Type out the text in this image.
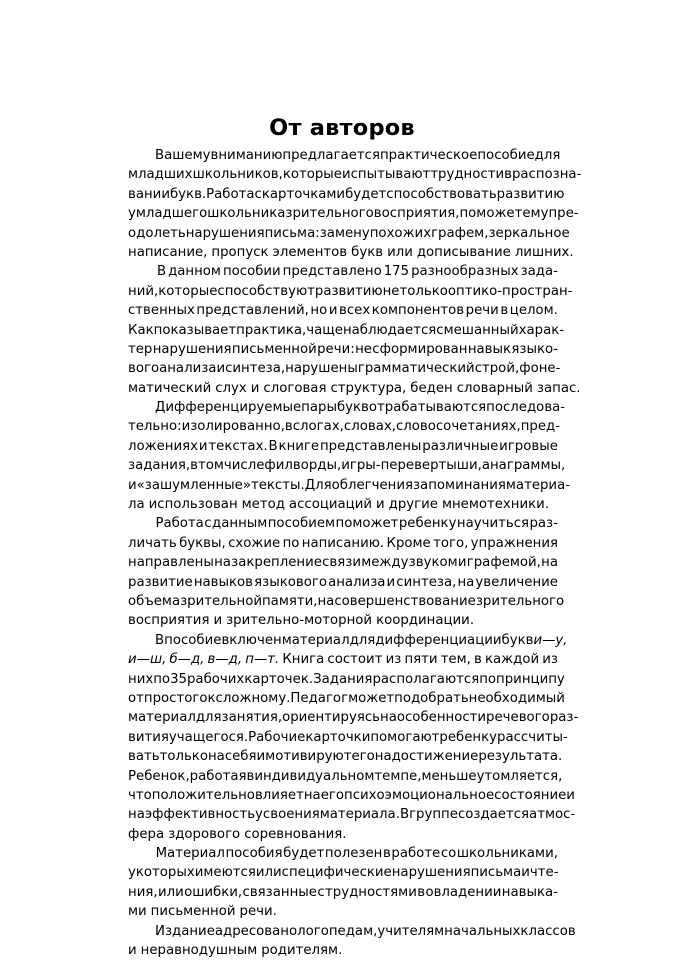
От авторов

Вашему вниманию предлагается практическое пособие для
младших школьников, которые испытывают трудности в распозна-
вании букв. Работа с карточками будет способствовать развитию
у младшего школьника зрительного восприятия, поможет ему пре-
одолеть нарушения письма: замену похожих графем, зеркальное
написание, пропуск элементов букв или дописывание лишних.

В данном пособии представлено 175 разнообразных зада-
ний, которые способствуют развитию не только оптико-простран-
ственных представлений, но и всех компонентов речи в целом.
Как показывает практика, чаще наблюдается смешанный харак-
тер нарушения письменной речи: не сформирован навык языко-
вого анализа и синтеза, нарушены грамматический строй, фоне-
матический слух и слоговая структура, беден словарный запас.

Дифференцируемые пары букв отрабатываются последова-
тельно: изолированно, в слогах, словах, словосочетаниях, пред-
ложениях и текстах. В книге представлены различные игровые
задания, в том числе филворды, игры-перевертыши, анаграммы,
и «зашумленные» тексты. Для облегчения запоминания материа-
ла использован метод ассоциаций и другие мнемотехники.

Работа с данным пособием поможет ребенку научиться раз-
личать буквы, схожие по написанию. Кроме того, упражнения
направлены на закрепление связи между звуком и графемой, на
развитие навыков языкового анализа и синтеза, на увеличение
объема зрительной памяти, на совершенствование зрительного
восприятия и зрительно-моторной координации.

В пособие включен материал для дифференциации букв и—у,
и—ш, б—д, в—д, п—т. Книга состоит из пяти тем, в каждой из
них по 35 рабочих карточек. Задания располагаются по принципу
от простого к сложному. Педагог может подобрать необходимый
материал для занятия, ориентируясь на особенности речевого раз-
вития учащегося. Рабочие карточки помогают ребенку рассчиты-
вать только на себя и мотивируют его на достижение результата.
Ребенок, работая в индивидуальном темпе, меньше утомляется,
что положительно влияет на его психоэмоциональное состояние и
на эффективность усвоения материала. В группе создается атмос-
фера здорового соревнования.

Материал пособия будет полезен в работе со школьниками,
у которых имеются или специфические нарушения письма и чте-
ния, или ошибки, связанные с трудностями в овладении навыка-
ми письменной речи.

Издание адресовано логопедам, учителям начальных классов
и неравнодушным родителям.
